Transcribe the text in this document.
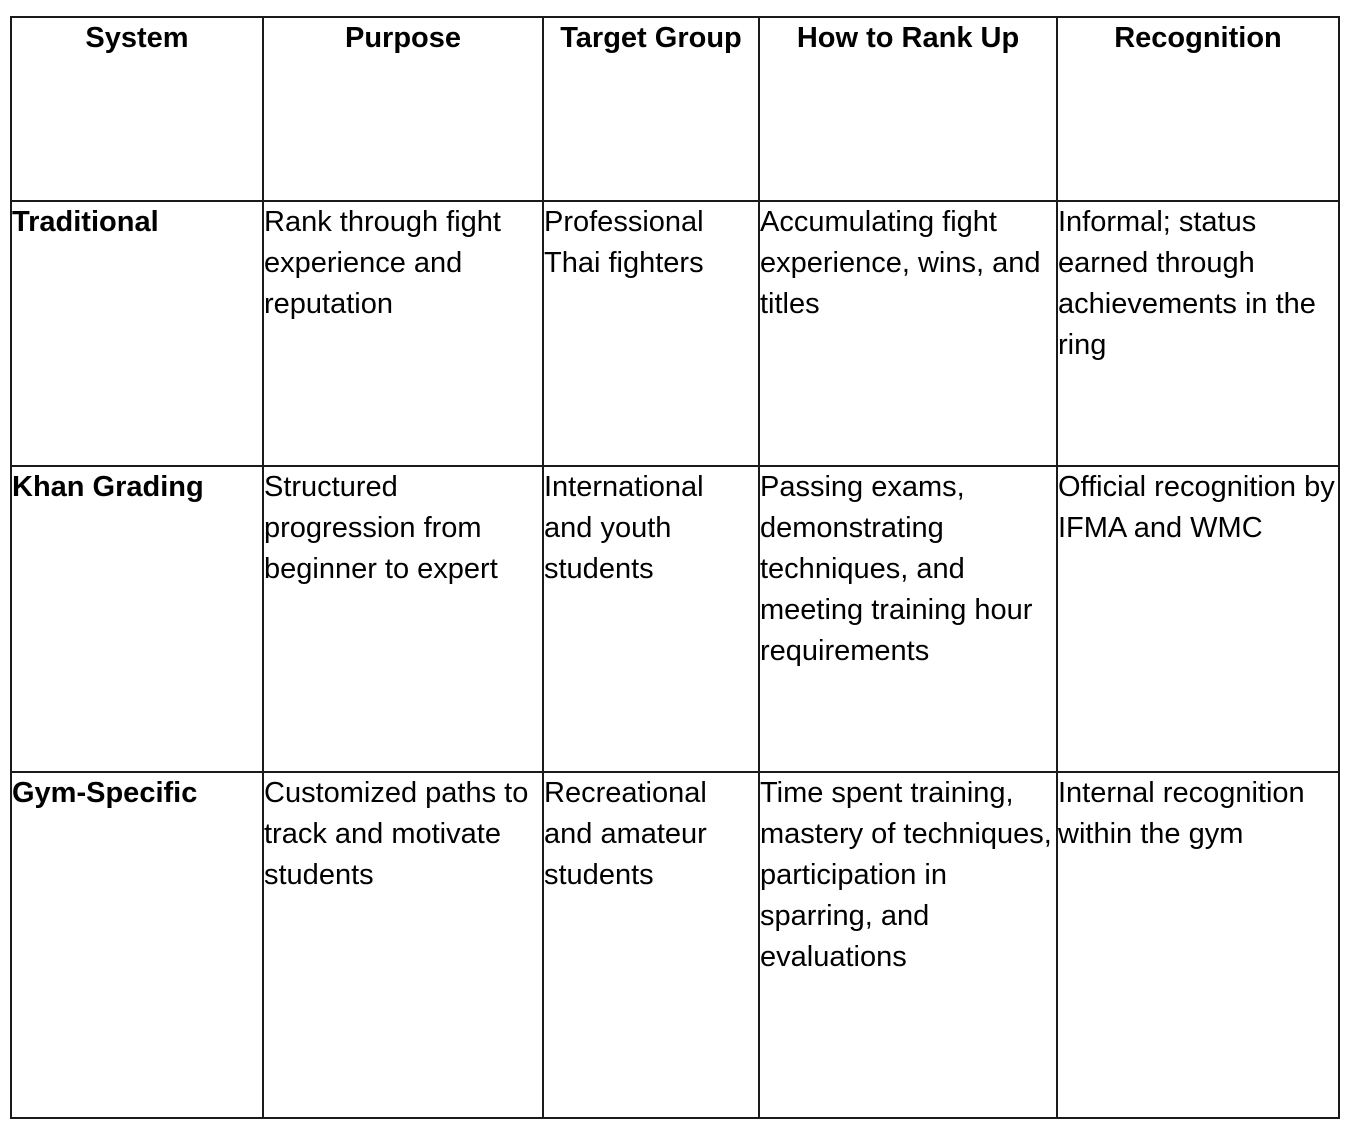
System	Purpose	Target Group	How to Rank Up	Recognition
Traditional	Rank through fight experience and reputation	Professional Thai fighters	Accumulating fight experience, wins, and titles	Informal; status earned through achievements in the ring
Khan Grading	Structured progression from beginner to expert	International and youth students	Passing exams, demonstrating techniques, and meeting training hour requirements	Official recognition by IFMA and WMC
Gym-Specific	Customized paths to track and motivate students	Recreational and amateur students	Time spent training, mastery of techniques, participation in sparring, and evaluations	Internal recognition within the gym
